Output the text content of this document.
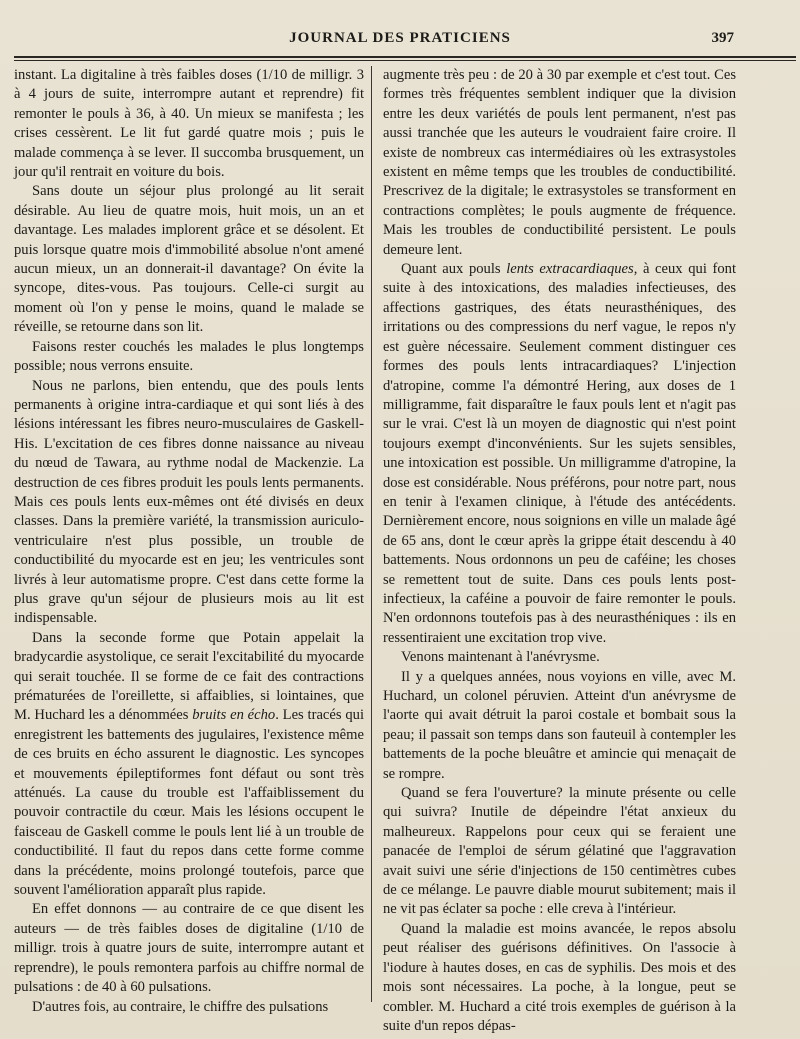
JOURNAL DES PRATICIENS	397

instant. La digitaline à très faibles doses (1/10 de milligr. 3 à 4 jours de suite, interrompre autant et reprendre) fit remonter le pouls à 36, à 40. Un mieux se manifesta ; les crises cessèrent. Le lit fut gardé quatre mois ; puis le malade commença à se lever. Il succomba brusquement, un jour qu'il rentrait en voiture du bois.

Sans doute un séjour plus prolongé au lit serait désirable. Au lieu de quatre mois, huit mois, un an et davantage. Les malades implorent grâce et se désolent. Et puis lorsque quatre mois d'immobilité absolue n'ont amené aucun mieux, un an donnerait-il davantage? On évite la syncope, dites-vous. Pas toujours. Celle-ci surgit au moment où l'on y pense le moins, quand le malade se réveille, se retourne dans son lit.

Faisons rester couchés les malades le plus longtemps possible; nous verrons ensuite.

Nous ne parlons, bien entendu, que des pouls lents permanents à origine intra-cardiaque et qui sont liés à des lésions intéressant les fibres neuro-musculaires de Gaskell-His. L'excitation de ces fibres donne naissance au niveau du nœud de Tawara, au rythme nodal de Mackenzie. La destruction de ces fibres produit les pouls lents permanents. Mais ces pouls lents eux-mêmes ont été divisés en deux classes. Dans la première variété, la transmission auriculo-ventriculaire n'est plus possible, un trouble de conductibilité du myocarde est en jeu; les ventricules sont livrés à leur automatisme propre. C'est dans cette forme la plus grave qu'un séjour de plusieurs mois au lit est indispensable.

Dans la seconde forme que Potain appelait la bradycardie asystolique, ce serait l'excitabilité du myocarde qui serait touchée. Il se forme de ce fait des contractions prématurées de l'oreillette, si affaiblies, si lointaines, que M. Huchard les a dénommées bruits en écho. Les tracés qui enregistrent les battements des jugulaires, l'existence même de ces bruits en écho assurent le diagnostic. Les syncopes et mouvements épileptiformes font défaut ou sont très atténués. La cause du trouble est l'affaiblissement du pouvoir contractile du cœur. Mais les lésions occupent le faisceau de Gaskell comme le pouls lent lié à un trouble de conductibilité. Il faut du repos dans cette forme comme dans la précédente, moins prolongé toutefois, parce que souvent l'amélioration apparaît plus rapide.

En effet donnons — au contraire de ce que disent les auteurs — de très faibles doses de digitaline (1/10 de milligr. trois à quatre jours de suite, interrompre autant et reprendre), le pouls remontera parfois au chiffre normal de pulsations : de 40 à 60 pulsations.

D'autres fois, au contraire, le chiffre des pulsations

augmente très peu : de 20 à 30 par exemple et c'est tout. Ces formes très fréquentes semblent indiquer que la division entre les deux variétés de pouls lent permanent, n'est pas aussi tranchée que les auteurs le voudraient faire croire. Il existe de nombreux cas intermédiaires où les extrasystoles existent en même temps que les troubles de conductibilité. Prescrivez de la digitale; le extrasystoles se transforment en contractions complètes; le pouls augmente de fréquence. Mais les troubles de conductibilité persistent. Le pouls demeure lent.

Quant aux pouls lents extracardiaques, à ceux qui font suite à des intoxications, des maladies infectieuses, des affections gastriques, des états neurasthéniques, des irritations ou des compressions du nerf vague, le repos n'y est guère nécessaire. Seulement comment distinguer ces formes des pouls lents intracardiaques? L'injection d'atropine, comme l'a démontré Hering, aux doses de 1 milligramme, fait disparaître le faux pouls lent et n'agit pas sur le vrai. C'est là un moyen de diagnostic qui n'est point toujours exempt d'inconvénients. Sur les sujets sensibles, une intoxication est possible. Un milligramme d'atropine, la dose est considérable. Nous préférons, pour notre part, nous en tenir à l'examen clinique, à l'étude des antécédents. Dernièrement encore, nous soignions en ville un malade âgé de 65 ans, dont le cœur après la grippe était descendu à 40 battements. Nous ordonnons un peu de caféine; les choses se remettent tout de suite. Dans ces pouls lents post-infectieux, la caféine a pouvoir de faire remonter le pouls. N'en ordonnons toutefois pas à des neurasthéniques : ils en ressentiraient une excitation trop vive.

Venons maintenant à l'anévrysme.

Il y a quelques années, nous voyions en ville, avec M. Huchard, un colonel péruvien. Atteint d'un anévrysme de l'aorte qui avait détruit la paroi costale et bombait sous la peau; il passait son temps dans son fauteuil à contempler les battements de la poche bleuâtre et amincie qui menaçait de se rompre.

Quand se fera l'ouverture? la minute présente ou celle qui suivra? Inutile de dépeindre l'état anxieux du malheureux. Rappelons pour ceux qui se feraient une panacée de l'emploi de sérum gélatiné que l'aggravation avait suivi une série d'injections de 150 centimètres cubes de ce mélange. Le pauvre diable mourut subitement; mais il ne vit pas éclater sa poche : elle creva à l'intérieur.

Quand la maladie est moins avancée, le repos absolu peut réaliser des guérisons définitives. On l'associe à l'iodure à hautes doses, en cas de syphilis. Des mois et des mois sont nécessaires. La poche, à la longue, peut se combler. M. Huchard a cité trois exemples de guérison à la suite d'un repos dépas-
